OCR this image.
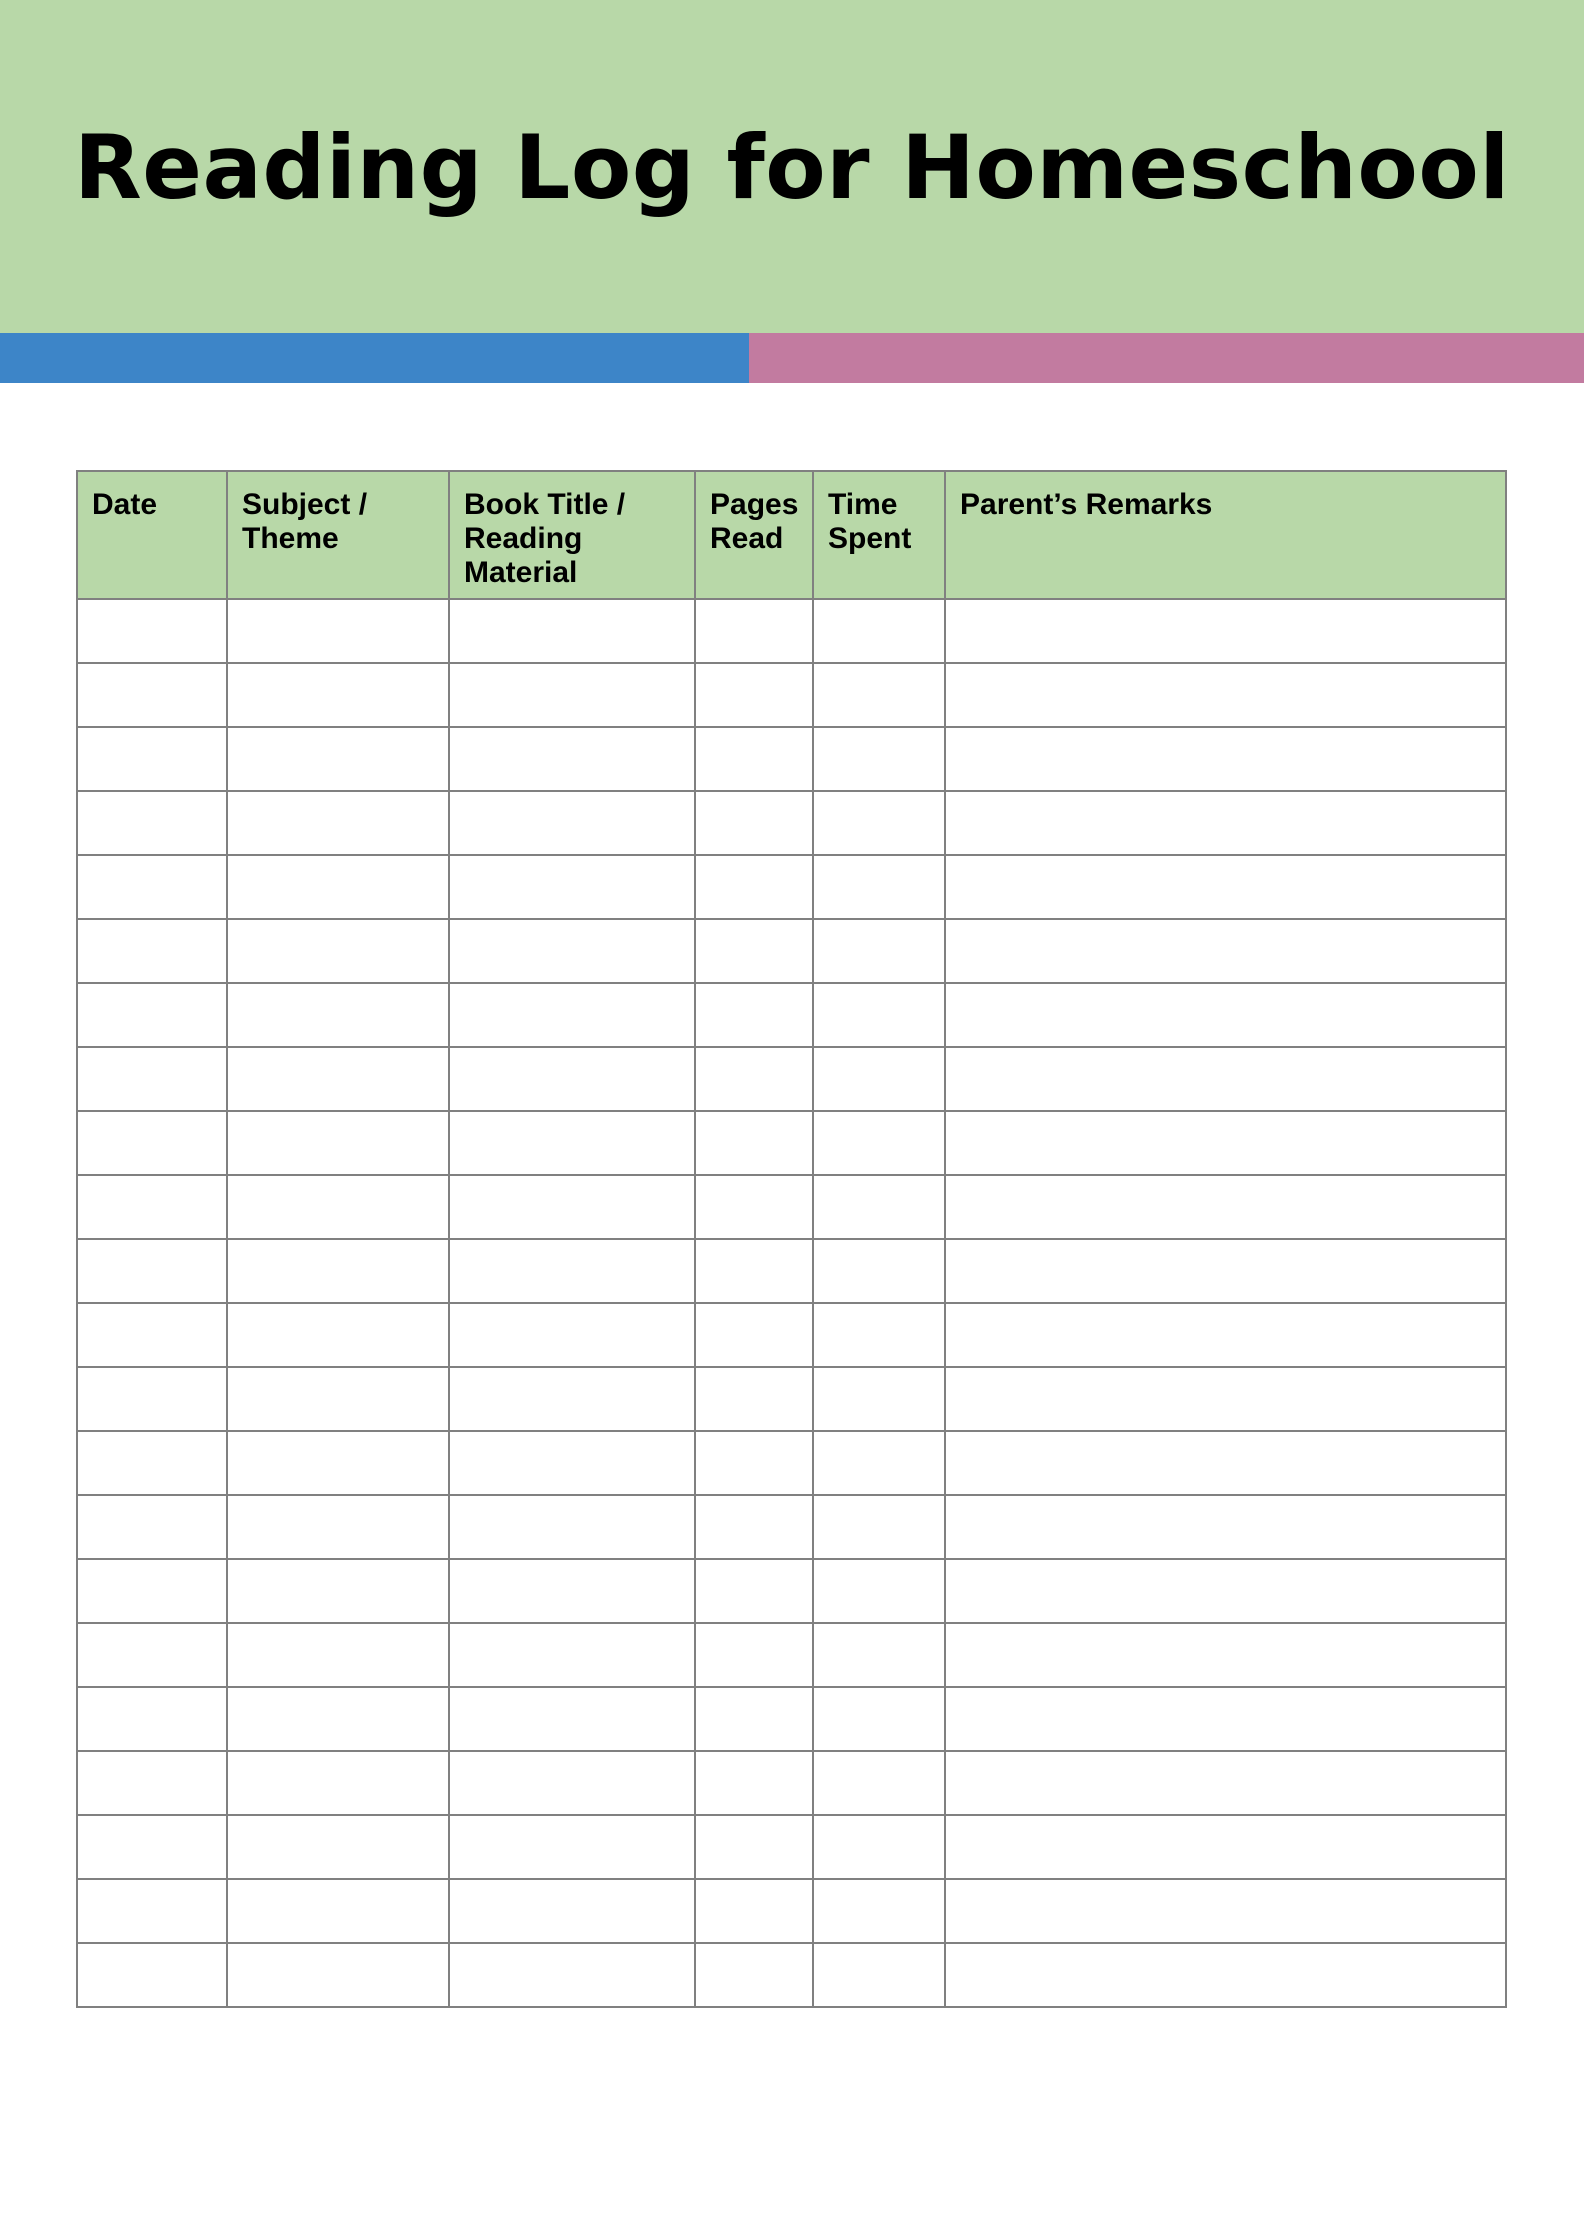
Reading Log for Homeschool
Date	Subject / Theme	Book Title / Reading Material	Pages Read	Time Spent	Parent’s Remarks
